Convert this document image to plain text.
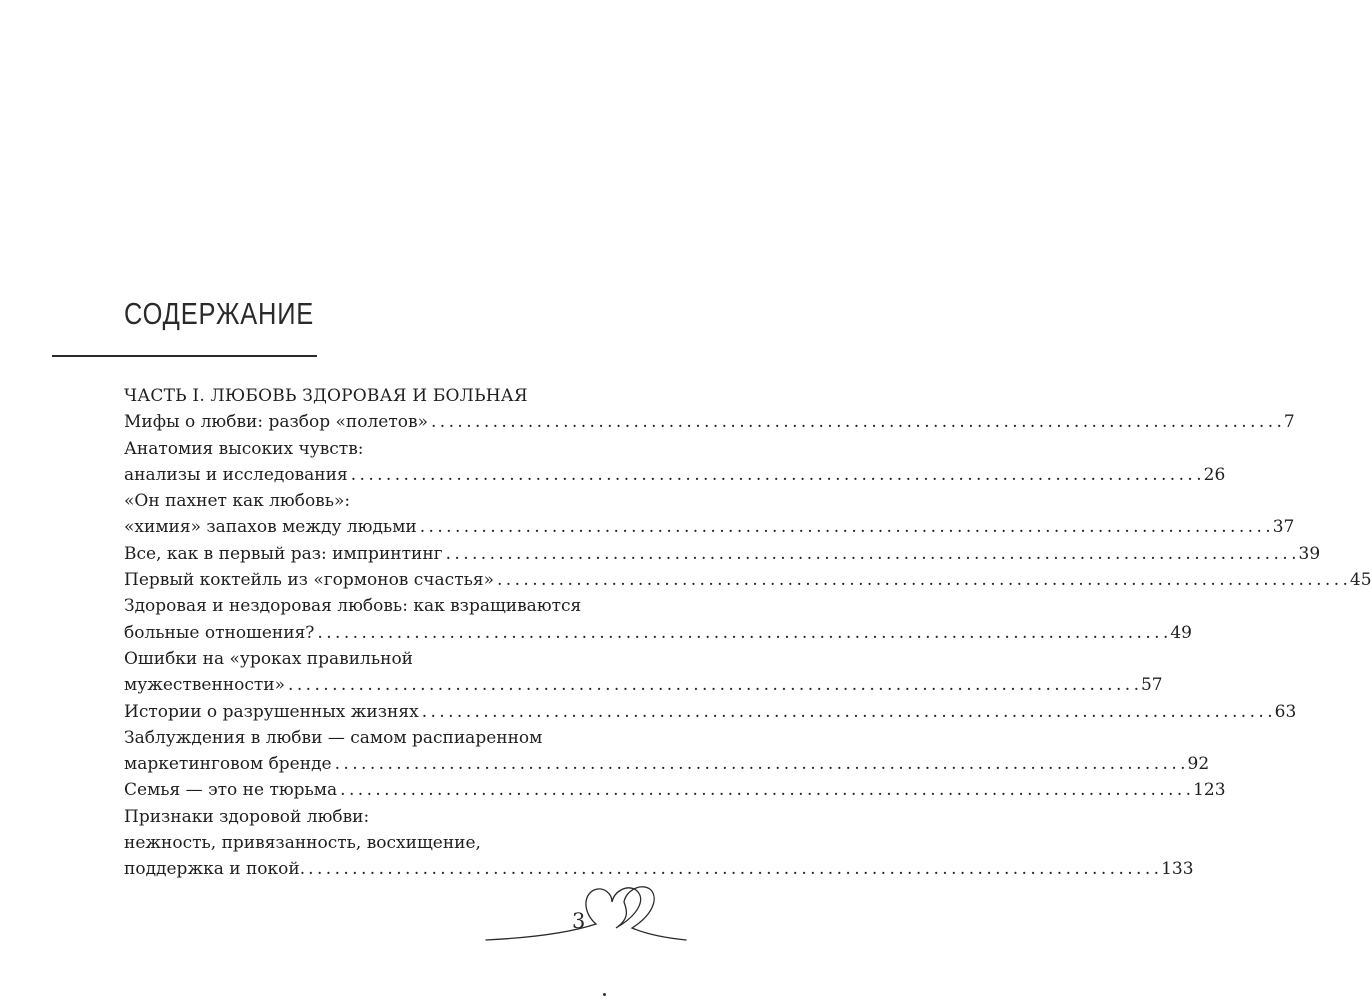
СОДЕРЖАНИЕ
ЧАСТЬ I. ЛЮБОВЬ ЗДОРОВАЯ И БОЛЬНАЯ
Мифы о любви: разбор «полетов» . . .	7
Анатомия высоких чувств:
анализы и исследования . . .	26
«Он пахнет как любовь»:
«химия» запахов между людьми . . .	37
Все, как в первый раз: импринтинг . . .	39
Первый коктейль из «гормонов счастья» . . .	45
Здоровая и нездоровая любовь: как взращиваются
больные отношения? . . .	49
Ошибки на «уроках правильной
мужественности» . . .	57
Истории о разрушенных жизнях . . .	63
Заблуждения в любви — самом распиаренном
маркетинговом бренде . . .	92
Семья — это не тюрьма . . .	123
Признаки здоровой любви:
нежность, привязанность, восхищение,
поддержка и покой. . . .	133
3
